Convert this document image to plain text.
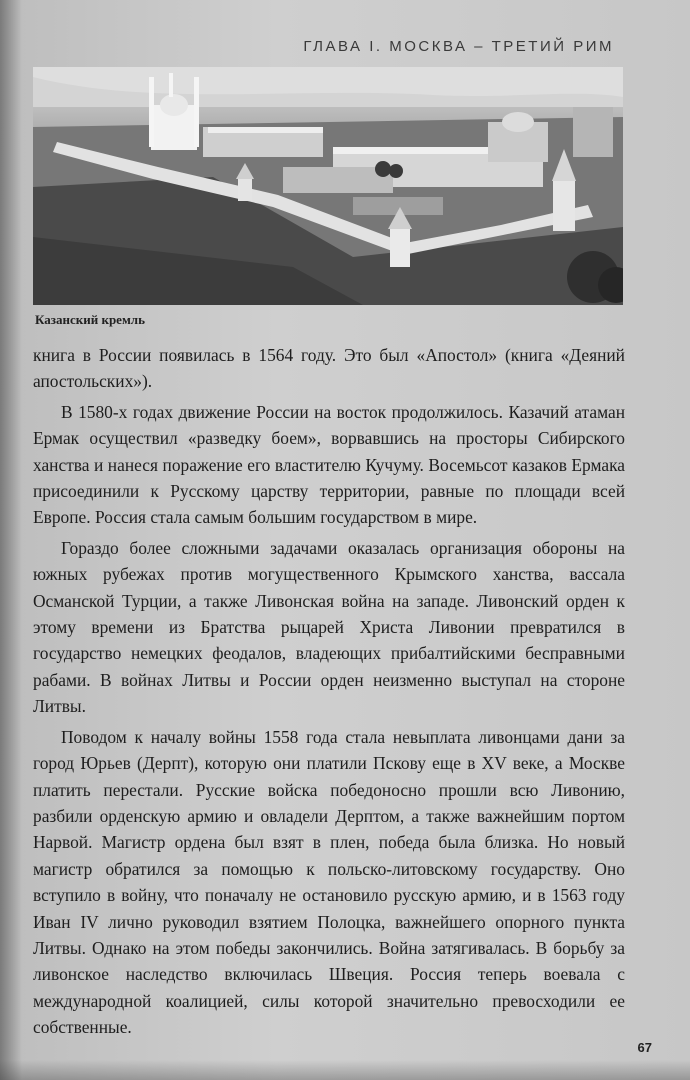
ГЛАВА I. МОСКВА – ТРЕТИЙ РИМ
Казанский кремль

книга в России появилась в 1564 году. Это был «Апостол» (книга «Деяний апостольских»).

В 1580-х годах движение России на восток продолжилось. Казачий атаман Ермак осуществил «разведку боем», ворвавшись на просторы Сибирского ханства и нанеся поражение его властителю Кучуму. Восемьсот казаков Ермака присоединили к Русскому царству территории, равные по площади всей Европе. Россия стала самым большим государством в мире.

Гораздо более сложными задачами оказалась организация обороны на южных рубежах против могущественного Крымского ханства, вассала Османской Турции, а также Ливонская война на западе. Ливонский орден к этому времени из Братства рыцарей Христа Ливонии превратился в государство немецких феодалов, владеющих прибалтийскими бесправными рабами. В войнах Литвы и России орден неизменно выступал на стороне Литвы.

Поводом к началу войны 1558 года стала невыплата ливонцами дани за город Юрьев (Дерпт), которую они платили Пскову еще в XV веке, а Москве платить перестали. Русские войска победоносно прошли всю Ливонию, разбили орденскую армию и овладели Дерптом, а также важнейшим портом Нарвой. Магистр ордена был взят в плен, победа была близка. Но новый магистр обратился за помощью к польско-литовскому государству. Оно вступило в войну, что поначалу не остановило русскую армию, и в 1563 году Иван IV лично руководил взятием Полоцка, важнейшего опорного пункта Литвы. Однако на этом победы закончились. Война затягивалась. В борьбу за ливонское наследство включилась Швеция. Россия теперь воевала с международной коалицией, силы которой значительно превосходили ее собственные.

67
